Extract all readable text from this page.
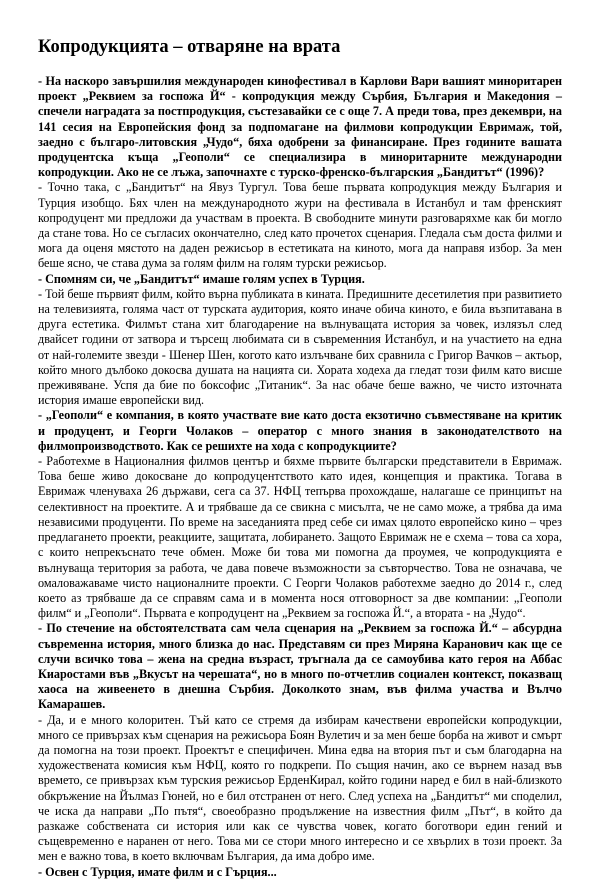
Копродукцията – отваряне на врата

- На наскоро завършилия международен кинофестивал в Карлови Вари вашият миноритарен проект „Реквием за госпожа Й“ - копродукция между Сърбия, България и Македония – спечели наградата за постпродукция, състезавайки се с още 7. А преди това, през декември, на 141 сесия на Европейския фонд за подпомагане на филмови копродукции Евримаж, той, заедно с българо-литовския „Чудо“, бяха одобрени за финансиране. През годините вашата продуцентска къща „Геополи“ се специализира в миноритарните международни копродукции. Ако не се лъжа, започнахте с турско-френско-българския „Бандитът“ (1996)?

- Точно така, с „Бандитът“ на Явуз Тургул. Това беше първата копродукция между България и Турция изобщо. Бях член на международното жури на фестивала в Истанбул и там френският копродуцент ми предложи да участвам в проекта. В свободните минути разговаряхме как би могло да стане това. Но се съгласих окончателно, след като прочетох сценария. Гледала съм доста филми и мога да оценя мястото на даден режисьор в естетиката на киното, мога да направя избор. За мен беше ясно, че става дума за голям филм на голям турски режисьор.

- Спомням си, че „Бандитът“ имаше голям успех в Турция.

- Той беше първият филм, който върна публиката в кината. Предишните десетилетия при развитието на телевизията, голяма част от турската аудитория, която иначе обича киното, е била възпитавана в друга естетика. Филмът стана хит благодарение на вълнуващата история за човек, излязъл след двайсет години от затвора и търсещ любимата си в съвременния Истанбул, и на участието на една от най-големите звезди - Шенер Шен, когото като излъчване бих сравнила с Григор Вачков – актьор, който много дълбоко докосва душата на нацията си. Хората ходеха да гледат този филм като висше преживяване. Успя да бие по боксофис „Титаник“. За нас обаче беше важно, че чисто източната история имаше европейски вид.

- „Геополи“ е компания, в която участвате вие като доста екзотично съвместяване на критик и продуцент, и Георги Чолаков – оператор с много знания в законодателството на филмопроизводството. Как се решихте на хода с копродукциите?

- Работехме в Националния филмов център и бяхме първите български представители в Евримаж. Това беше живо докосване до копродуцентството като идея, концепция и практика. Тогава в Евримаж членуваха 26 държави, сега са 37. НФЦ тепърва прохождаше, налагаше се принципът на селективност на проектите. А и трябваше да се свикна с мисълта, че не само може, а трябва да има независими продуценти. По време на заседанията пред себе си имах цялото европейско кино – чрез предлагането проекти, реакциите, защитата, лобирането. Защото Евримаж не е схема – това са хора, с които непрекъснато тече обмен. Може би това ми помогна да проумея, че копродукцията е вълнуваща територия за работа, че дава повече възможности за съвторчество. Това не означава, че омаловажаваме чисто националните проекти. С Георги Чолаков работехме заедно до 2014 г., след което аз трябваше да се справям сама и в момента нося отговорност за две компании: „Геополи филм“ и „Геополи“. Първата е копродуцент на „Реквием за госпожа Й.“, а втората - на „Чудо“.

- По стечение на обстоятелствата сам чела сценария на „Реквием за госпожа Й.“ – абсурдна съвременна история, много близка до нас. Представям си през Миряна Каранович как ще се случи всичко това – жена на средна възраст, тръгнала да се самоубива като героя на Аббас Киаростами във „Вкусът на черешата“, но в много по-отчетлив социален контекст, показващ хаоса на живеенето в днешна Сърбия. Доколкото знам, във филма участва и Вълчо Камарашев.

- Да, и е много колоритен. Тъй като се стремя да избирам качествени европейски копродукции, много се привързах към сценария на режисьора Боян Вулетич и за мен беше борба на живот и смърт да помогна на този проект. Проектът е специфичен. Мина едва на втория път и съм благодарна на художествената комисия към НФЦ, която го подкрепи. По същия начин, ако се върнем назад във времето, се привързах към турския режисьор ЕрденКирал, който години наред е бил в най-близкото обкръжение на Йълмаз Гюней, но е бил отстранен от него. След успеха на „Бандитът“ ми споделил, че иска да направи „По пътя“, своеобразно продължение на известния филм „Път“, в който да разкаже собствената си история или как се чувства човек, когато боготвори един гений и същевременно е наранен от него. Това ми се стори много интересно и се хвърлих в този проект. За мен е важно това, в което включвам България, да има добро име.

- Освен с Турция, имате филм и с Гърция...
